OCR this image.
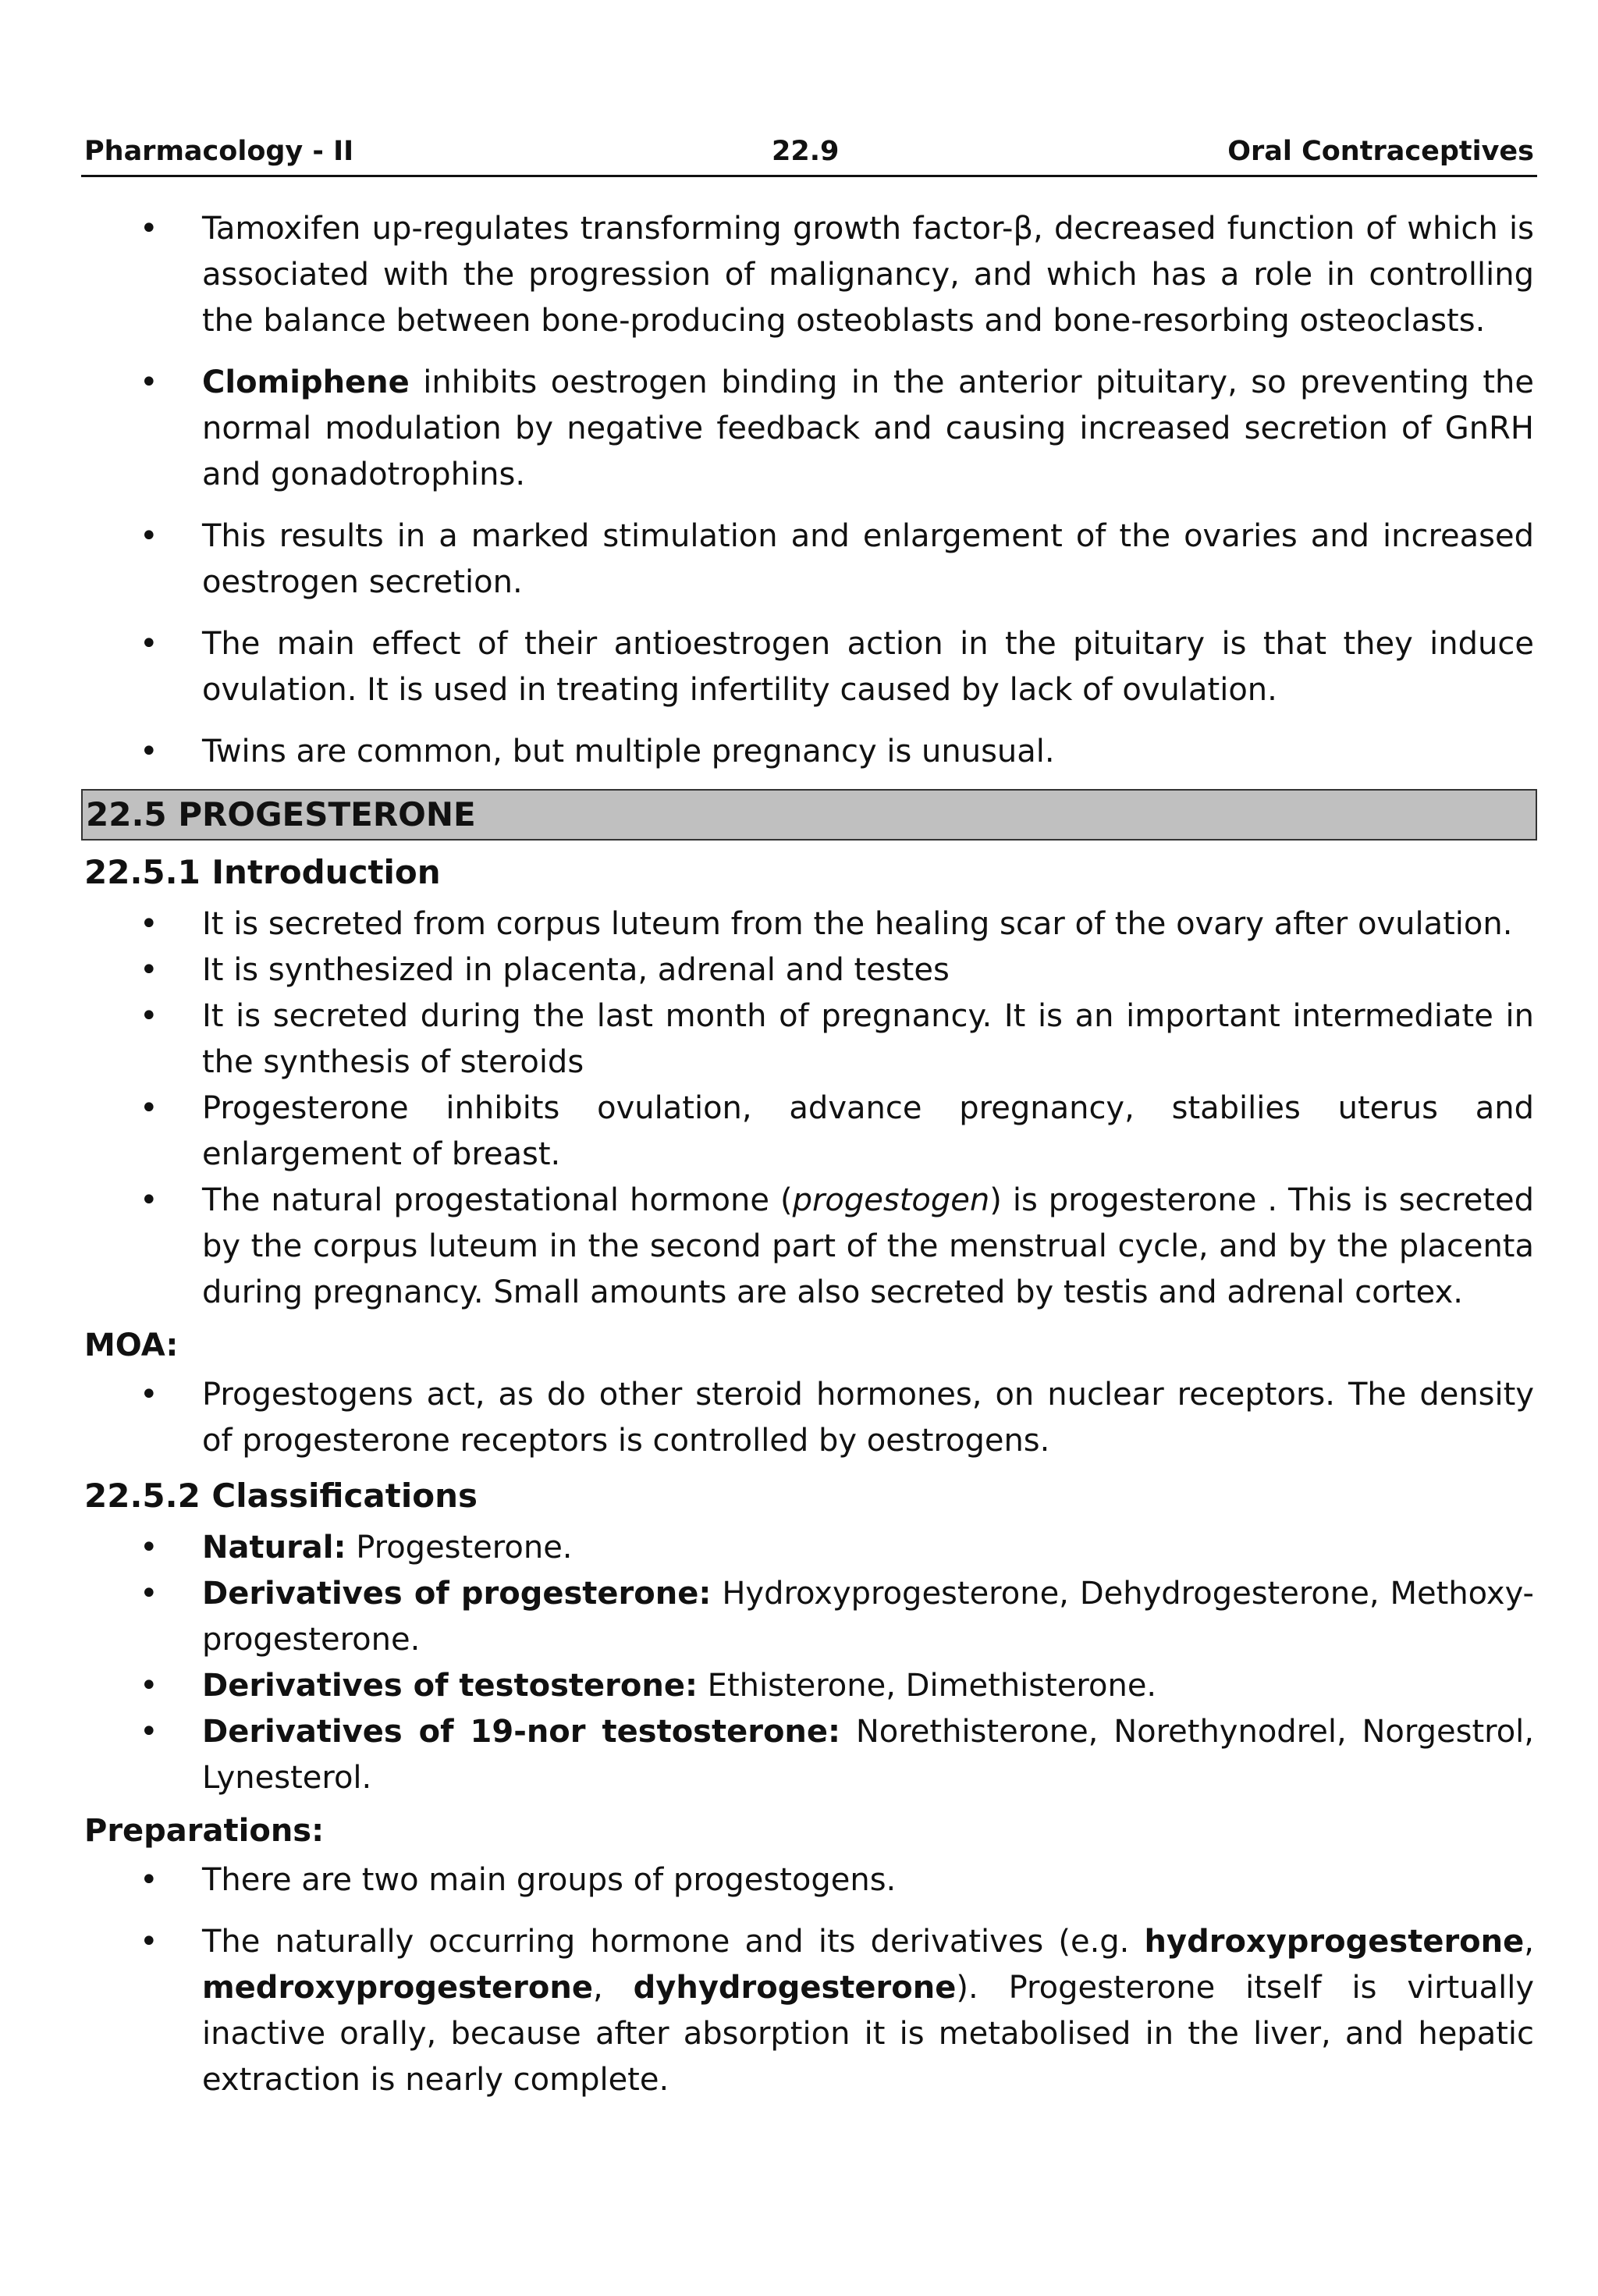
Pharmacology - II	22.9	Oral Contraceptives
• Tamoxifen up-regulates transforming growth factor-β, decreased function of which is associated with the progression of malignancy, and which has a role in controlling the balance between bone-producing osteoblasts and bone-resorbing osteoclasts.
• Clomiphene inhibits oestrogen binding in the anterior pituitary, so preventing the normal modulation by negative feedback and causing increased secretion of GnRH and gonadotrophins.
• This results in a marked stimulation and enlargement of the ovaries and increased oestrogen secretion.
• The main effect of their antioestrogen action in the pituitary is that they induce ovulation. It is used in treating infertility caused by lack of ovulation.
• Twins are common, but multiple pregnancy is unusual.
22.5 PROGESTERONE
22.5.1 Introduction
• It is secreted from corpus luteum from the healing scar of the ovary after ovulation.
• It is synthesized in placenta, adrenal and testes
• It is secreted during the last month of pregnancy. It is an important intermediate in the synthesis of steroids
• Progesterone inhibits ovulation, advance pregnancy, stabilies uterus and enlargement of breast.
• The natural progestational hormone (progestogen) is progesterone . This is secreted by the corpus luteum in the second part of the menstrual cycle, and by the placenta during pregnancy. Small amounts are also secreted by testis and adrenal cortex.
MOA:
• Progestogens act, as do other steroid hormones, on nuclear receptors. The density of progesterone receptors is controlled by oestrogens.
22.5.2 Classifications
• Natural: Progesterone.
• Derivatives of progesterone: Hydroxyprogesterone, Dehydrogesterone, Methoxy-progesterone.
• Derivatives of testosterone: Ethisterone, Dimethisterone.
• Derivatives of 19-nor testosterone: Norethisterone, Norethynodrel, Norgestrol, Lynesterol.
Preparations:
• There are two main groups of progestogens.
• The naturally occurring hormone and its derivatives (e.g. hydroxyprogesterone, medroxyprogesterone, dyhydrogesterone). Progesterone itself is virtually inactive orally, because after absorption it is metabolised in the liver, and hepatic extraction is nearly complete.
